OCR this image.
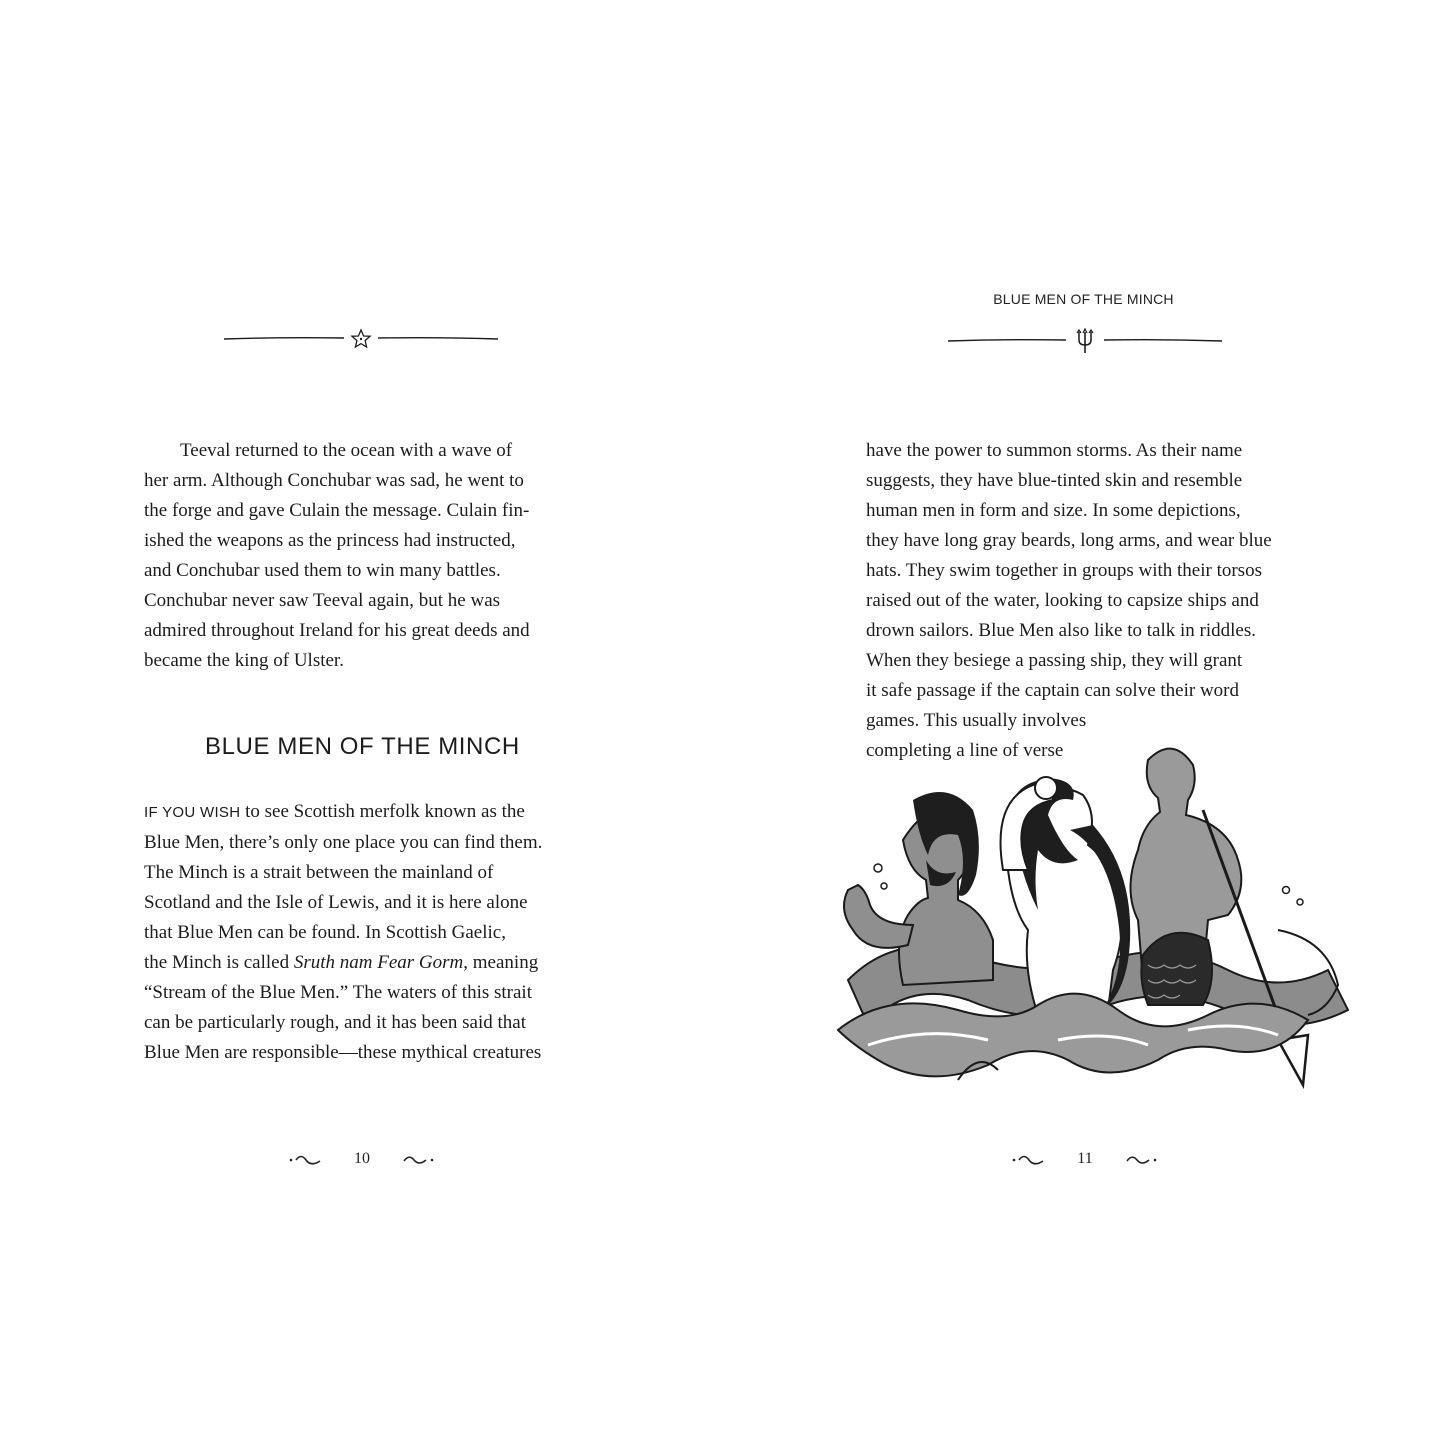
Teeval returned to the ocean with a wave of
her arm. Although Conchubar was sad, he went to
the forge and gave Culain the message. Culain fin-
ished the weapons as the princess had instructed,
and Conchubar used them to win many battles.
Conchubar never saw Teeval again, but he was
admired throughout Ireland for his great deeds and
became the king of Ulster.
BLUE MEN OF THE MINCH
IF YOU WISH to see Scottish merfolk known as the
Blue Men, there’s only one place you can find them.
The Minch is a strait between the mainland of
Scotland and the Isle of Lewis, and it is here alone
that Blue Men can be found. In Scottish Gaelic,
the Minch is called Sruth nam Fear Gorm, meaning
“Stream of the Blue Men.” The waters of this strait
can be particularly rough, and it has been said that
Blue Men are responsible—these mythical creatures
10
BLUE MEN OF THE MINCH
have the power to summon storms. As their name
suggests, they have blue-tinted skin and resemble
human men in form and size. In some depictions,
they have long gray beards, long arms, and wear blue
hats. They swim together in groups with their torsos
raised out of the water, looking to capsize ships and
drown sailors. Blue Men also like to talk in riddles.
When they besiege a passing ship, they will grant
it safe passage if the captain can solve their word
games. This usually involves
completing a line of verse
11
